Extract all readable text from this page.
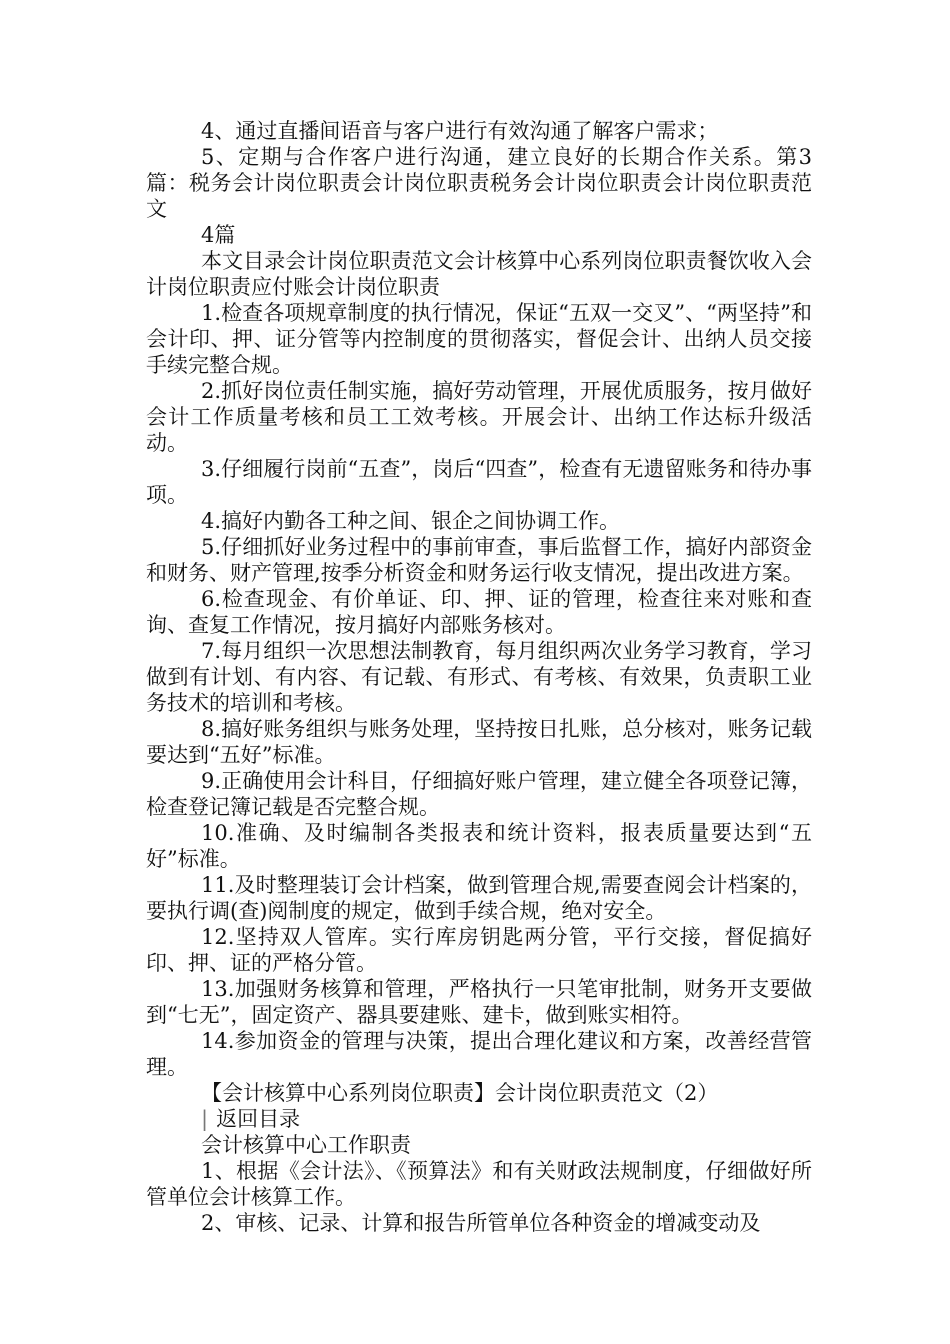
4、通过直播间语音与客户进行有效沟通了解客户需求；

5、定期与合作客户进行沟通，建立良好的长期合作关系。第3篇：税务会计岗位职责会计岗位职责税务会计岗位职责会计岗位职责范文

4篇

本文目录会计岗位职责范文会计核算中心系列岗位职责餐饮收入会计岗位职责应付账会计岗位职责

1.检查各项规章制度的执行情况，保证“五双一交叉”、“两坚持”和会计印、押、证分管等内控制度的贯彻落实，督促会计、出纳人员交接手续完整合规。

2.抓好岗位责任制实施，搞好劳动管理，开展优质服务，按月做好会计工作质量考核和员工工效考核。开展会计、出纳工作达标升级活动。

3.仔细履行岗前“五查”，岗后“四查”，检查有无遗留账务和待办事项。

4.搞好内勤各工种之间、银企之间协调工作。

5.仔细抓好业务过程中的事前审查，事后监督工作，搞好内部资金和财务、财产管理,按季分析资金和财务运行收支情况，提出改进方案。

6.检查现金、有价单证、印、押、证的管理，检查往来对账和查询、查复工作情况，按月搞好内部账务核对。

7.每月组织一次思想法制教育，每月组织两次业务学习教育，学习做到有计划、有内容、有记载、有形式、有考核、有效果，负责职工业务技术的培训和考核。

8.搞好账务组织与账务处理，坚持按日扎账，总分核对，账务记载要达到“五好”标准。

9.正确使用会计科目，仔细搞好账户管理，建立健全各项登记簿，检查登记簿记载是否完整合规。

10.准确、及时编制各类报表和统计资料，报表质量要达到“五好”标准。

11.及时整理装订会计档案，做到管理合规,需要查阅会计档案的，要执行调(查)阅制度的规定，做到手续合规，绝对安全。

12.坚持双人管库。实行库房钥匙两分管，平行交接，督促搞好印、押、证的严格分管。

13.加强财务核算和管理，严格执行一只笔审批制，财务开支要做到“七无”，固定资产、器具要建账、建卡，做到账实相符。

14.参加资金的管理与决策，提出合理化建议和方案，改善经营管理。

【会计核算中心系列岗位职责】会计岗位职责范文（2）

| 返回目录

会计核算中心工作职责

1、根据《会计法》、《预算法》和有关财政法规制度，仔细做好所管单位会计核算工作。

2、审核、记录、计算和报告所管单位各种资金的增减变动及
